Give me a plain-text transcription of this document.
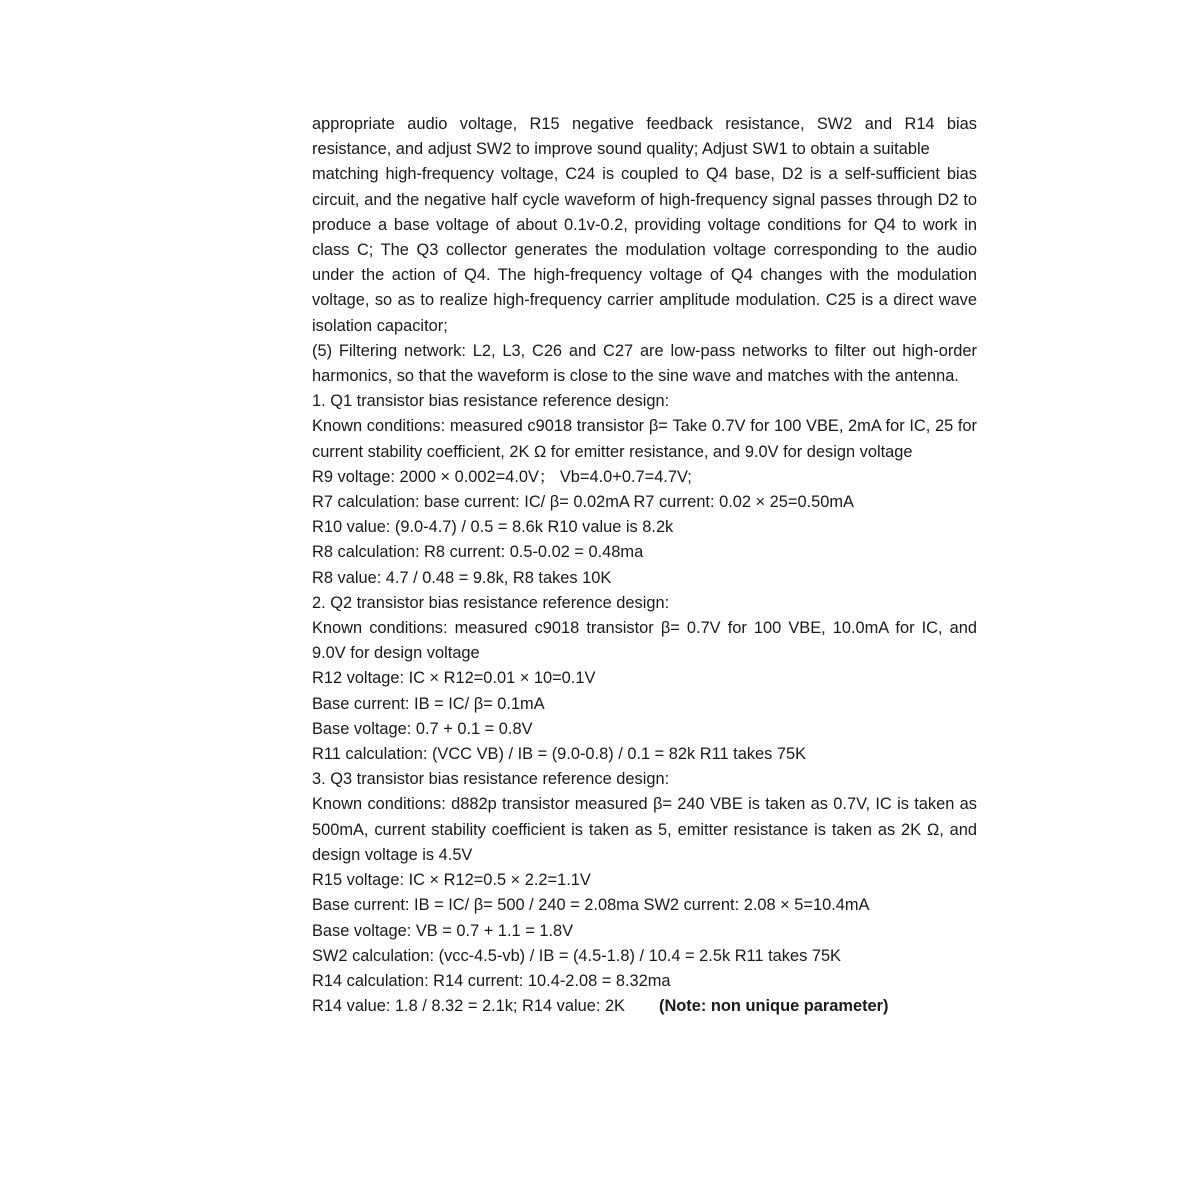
appropriate audio voltage, R15 negative feedback resistance, SW2 and R14 bias resistance, and adjust SW2 to improve sound quality; Adjust SW1 to obtain a suitable

matching high-frequency voltage, C24 is coupled to Q4 base, D2 is a self-sufficient bias circuit, and the negative half cycle waveform of high-frequency signal passes through D2 to produce a base voltage of about 0.1v-0.2, providing voltage conditions for Q4 to work in class C; The Q3 collector generates the modulation voltage corresponding to the audio under the action of Q4. The high-frequency voltage of Q4 changes with the modulation voltage, so as to realize high-frequency carrier amplitude modulation. C25 is a direct wave isolation capacitor;

(5) Filtering network: L2, L3, C26 and C27 are low-pass networks to filter out high-order harmonics, so that the waveform is close to the sine wave and matches with the antenna.

1. Q1 transistor bias resistance reference design:

Known conditions: measured c9018 transistor β= Take 0.7V for 100 VBE, 2mA for IC, 25 for current stability coefficient, 2K Ω for emitter resistance, and 9.0V for design voltage

R9 voltage: 2000 × 0.002=4.0V； Vb=4.0+0.7=4.7V;

R7 calculation: base current: IC/ β= 0.02mA R7 current: 0.02 × 25=0.50mA

R10 value: (9.0-4.7) / 0.5 = 8.6k R10 value is 8.2k

R8 calculation: R8 current: 0.5-0.02 = 0.48ma

R8 value: 4.7 / 0.48 = 9.8k, R8 takes 10K

2. Q2 transistor bias resistance reference design:

Known conditions: measured c9018 transistor β= 0.7V for 100 VBE, 10.0mA for IC, and 9.0V for design voltage

R12 voltage: IC × R12=0.01 × 10=0.1V

Base current: IB = IC/ β= 0.1mA

Base voltage: 0.7 + 0.1 = 0.8V

R11 calculation: (VCC VB) / IB = (9.0-0.8) / 0.1 = 82k R11 takes 75K

3. Q3 transistor bias resistance reference design:

Known conditions: d882p transistor measured β= 240 VBE is taken as 0.7V, IC is taken as 500mA, current stability coefficient is taken as 5, emitter resistance is taken as 2K Ω, and design voltage is 4.5V

R15 voltage: IC × R12=0.5 × 2.2=1.1V

Base current: IB = IC/ β= 500 / 240 = 2.08ma SW2 current: 2.08 × 5=10.4mA

Base voltage: VB = 0.7 + 1.1 = 1.8V

SW2 calculation: (vcc-4.5-vb) / IB = (4.5-1.8) / 10.4 = 2.5k R11 takes 75K

R14 calculation: R14 current: 10.4-2.08 = 8.32ma

R14 value: 1.8 / 8.32 = 2.1k; R14 value: 2K (Note: non unique parameter)
